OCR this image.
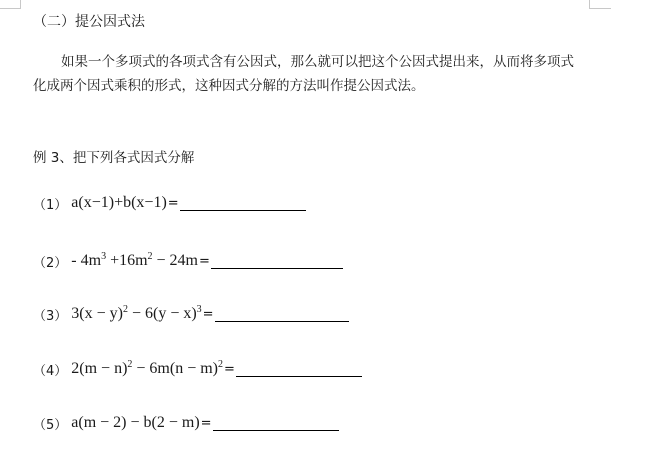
（二）提公因式法

如果一个多项式的各项式含有公因式，那么就可以把这个公因式提出来，从而将多项式
化成两个因式乘积的形式，这种因式分解的方法叫作提公因式法。

例 3、把下列各式因式分解
（1） a(x−1)+b(x−1) =
$(2) - 4m^3 +16m^2 - 24m$ =
（3） $3(x - y)^2 - 6(y - x)^3$ =
（4） $2(m - n)^2 - 6m(n - m)^2$ =
（5） a(m − 2) − b(2 − m) =
